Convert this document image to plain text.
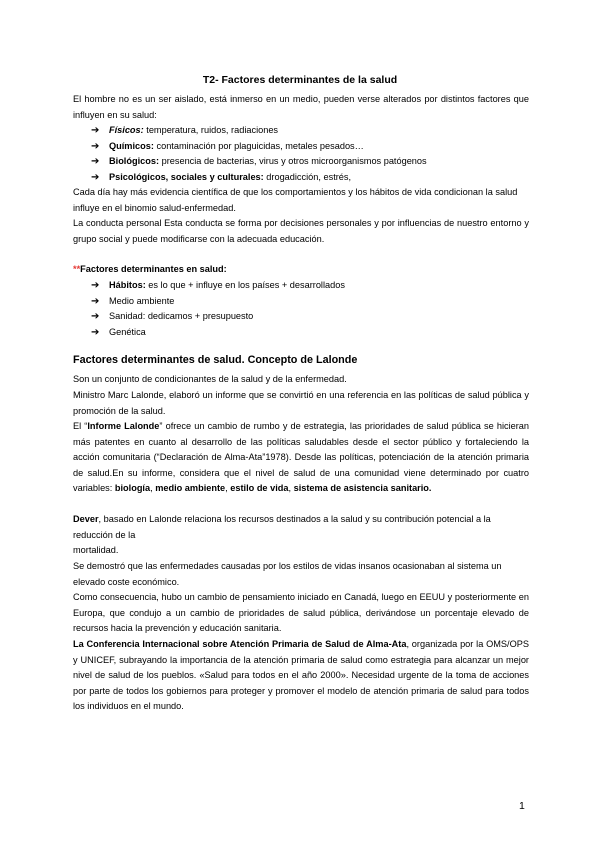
T2- Factores determinantes de la salud

El hombre no es un ser aislado, está inmerso en un medio, pueden verse alterados por distintos factores que influyen en su salud:

➔ Físicos: temperatura, ruidos, radiaciones
➔ Químicos: contaminación por plaguicidas, metales pesados…
➔ Biológicos: presencia de bacterias, virus y otros microorganismos patógenos
➔ Psicológicos, sociales y culturales: drogadicción, estrés,

Cada día hay más evidencia científica de que los comportamientos y los hábitos de vida condicionan la salud influye en el binomio salud-enfermedad.

La conducta personal Esta conducta se forma por decisiones personales y por influencias de nuestro entorno y grupo social y puede modificarse con la adecuada educación.

**Factores determinantes en salud:
➔ Hábitos: es lo que + influye en los países + desarrollados
➔ Medio ambiente
➔ Sanidad: dedicamos + presupuesto
➔ Genética
Factores determinantes de salud. Concepto de Lalonde

Son un conjunto de condicionantes de la salud y de la enfermedad.

Ministro Marc Lalonde, elaboró un informe que se convirtió en una referencia en las políticas de salud pública y promoción de la salud.

El “Informe Lalonde” ofrece un cambio de rumbo y de estrategia, las prioridades de salud pública se hicieran más patentes en cuanto al desarrollo de las políticas saludables desde el sector público y fortaleciendo la acción comunitaria (“Declaración de Alma-Ata”1978). Desde las políticas, potenciación de la atención primaria de salud.En su informe, considera que el nivel de salud de una comunidad viene determinado por cuatro variables: biología, medio ambiente, estilo de vida, sistema de asistencia sanitario.

Dever, basado en Lalonde relaciona los recursos destinados a la salud y su contribución potencial a la reducción de la

mortalidad.

Se demostró que las enfermedades causadas por los estilos de vidas insanos ocasionaban al sistema un elevado coste económico.

Como consecuencia, hubo un cambio de pensamiento iniciado en Canadá, luego en EEUU y posteriormente en Europa, que condujo a un cambio de prioridades de salud pública, derivándose un porcentaje elevado de recursos hacia la prevención y educación sanitaria.

La Conferencia Internacional sobre Atención Primaria de Salud de Alma-Ata, organizada por la OMS/OPS y UNICEF, subrayando la importancia de la atención primaria de salud como estrategia para alcanzar un mejor nivel de salud de los pueblos. «Salud para todos en el año 2000». Necesidad urgente de la toma de acciones por parte de todos los gobiernos para proteger y promover el modelo de atención primaria de salud para todos los individuos en el mundo.

1
